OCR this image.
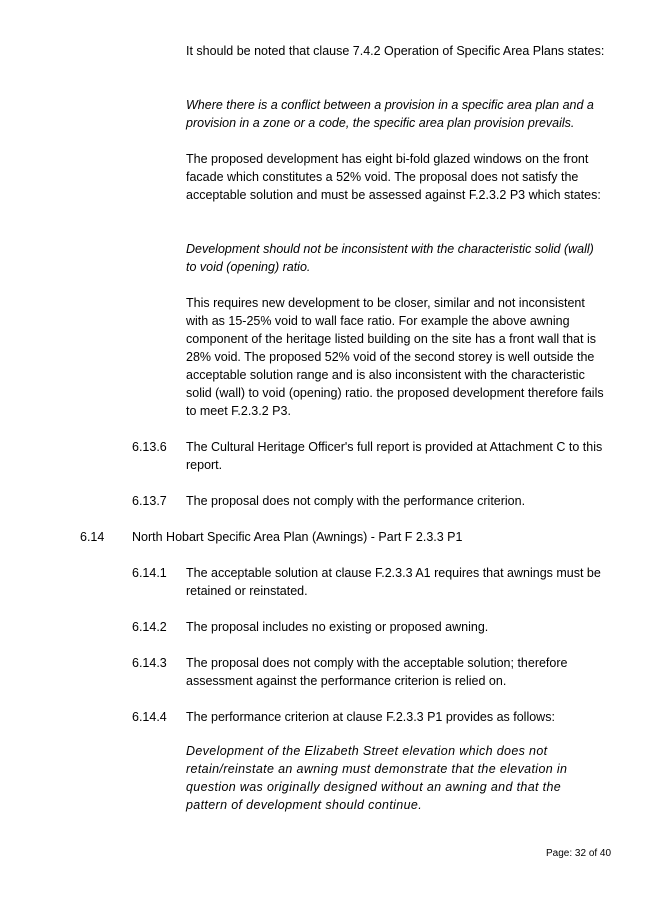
It should be noted that clause 7.4.2 Operation of Specific Area Plans states:

Where there is a conflict between a provision in a specific area plan and a provision in a zone or a code, the specific area plan provision prevails.

The proposed development has eight bi-fold glazed windows on the front facade which constitutes a 52% void. The proposal does not satisfy the acceptable solution and must be assessed against F.2.3.2 P3 which states:

Development should not be inconsistent with the characteristic solid (wall) to void (opening) ratio.

This requires new development to be closer, similar and not inconsistent with as 15-25% void to wall face ratio. For example the above awning component of the heritage listed building on the site has a front wall that is 28% void. The proposed 52% void of the second storey is well outside the acceptable solution range and is also inconsistent with the characteristic solid (wall) to void (opening) ratio. the proposed development therefore fails to meet F.2.3.2 P3.

6.13.6 The Cultural Heritage Officer's full report is provided at Attachment C to this report.

6.13.7 The proposal does not comply with the performance criterion.

6.14 North Hobart Specific Area Plan (Awnings) - Part F 2.3.3 P1
6.14.1 The acceptable solution at clause F.2.3.3 A1 requires that awnings must be retained or reinstated.

6.14.2 The proposal includes no existing or proposed awning.

6.14.3 The proposal does not comply with the acceptable solution; therefore assessment against the performance criterion is relied on.

6.14.4 The performance criterion at clause F.2.3.3 P1 provides as follows:

Development of the Elizabeth Street elevation which does not retain/reinstate an awning must demonstrate that the elevation in question was originally designed without an awning and that the pattern of development should continue.

Page: 32 of 40
